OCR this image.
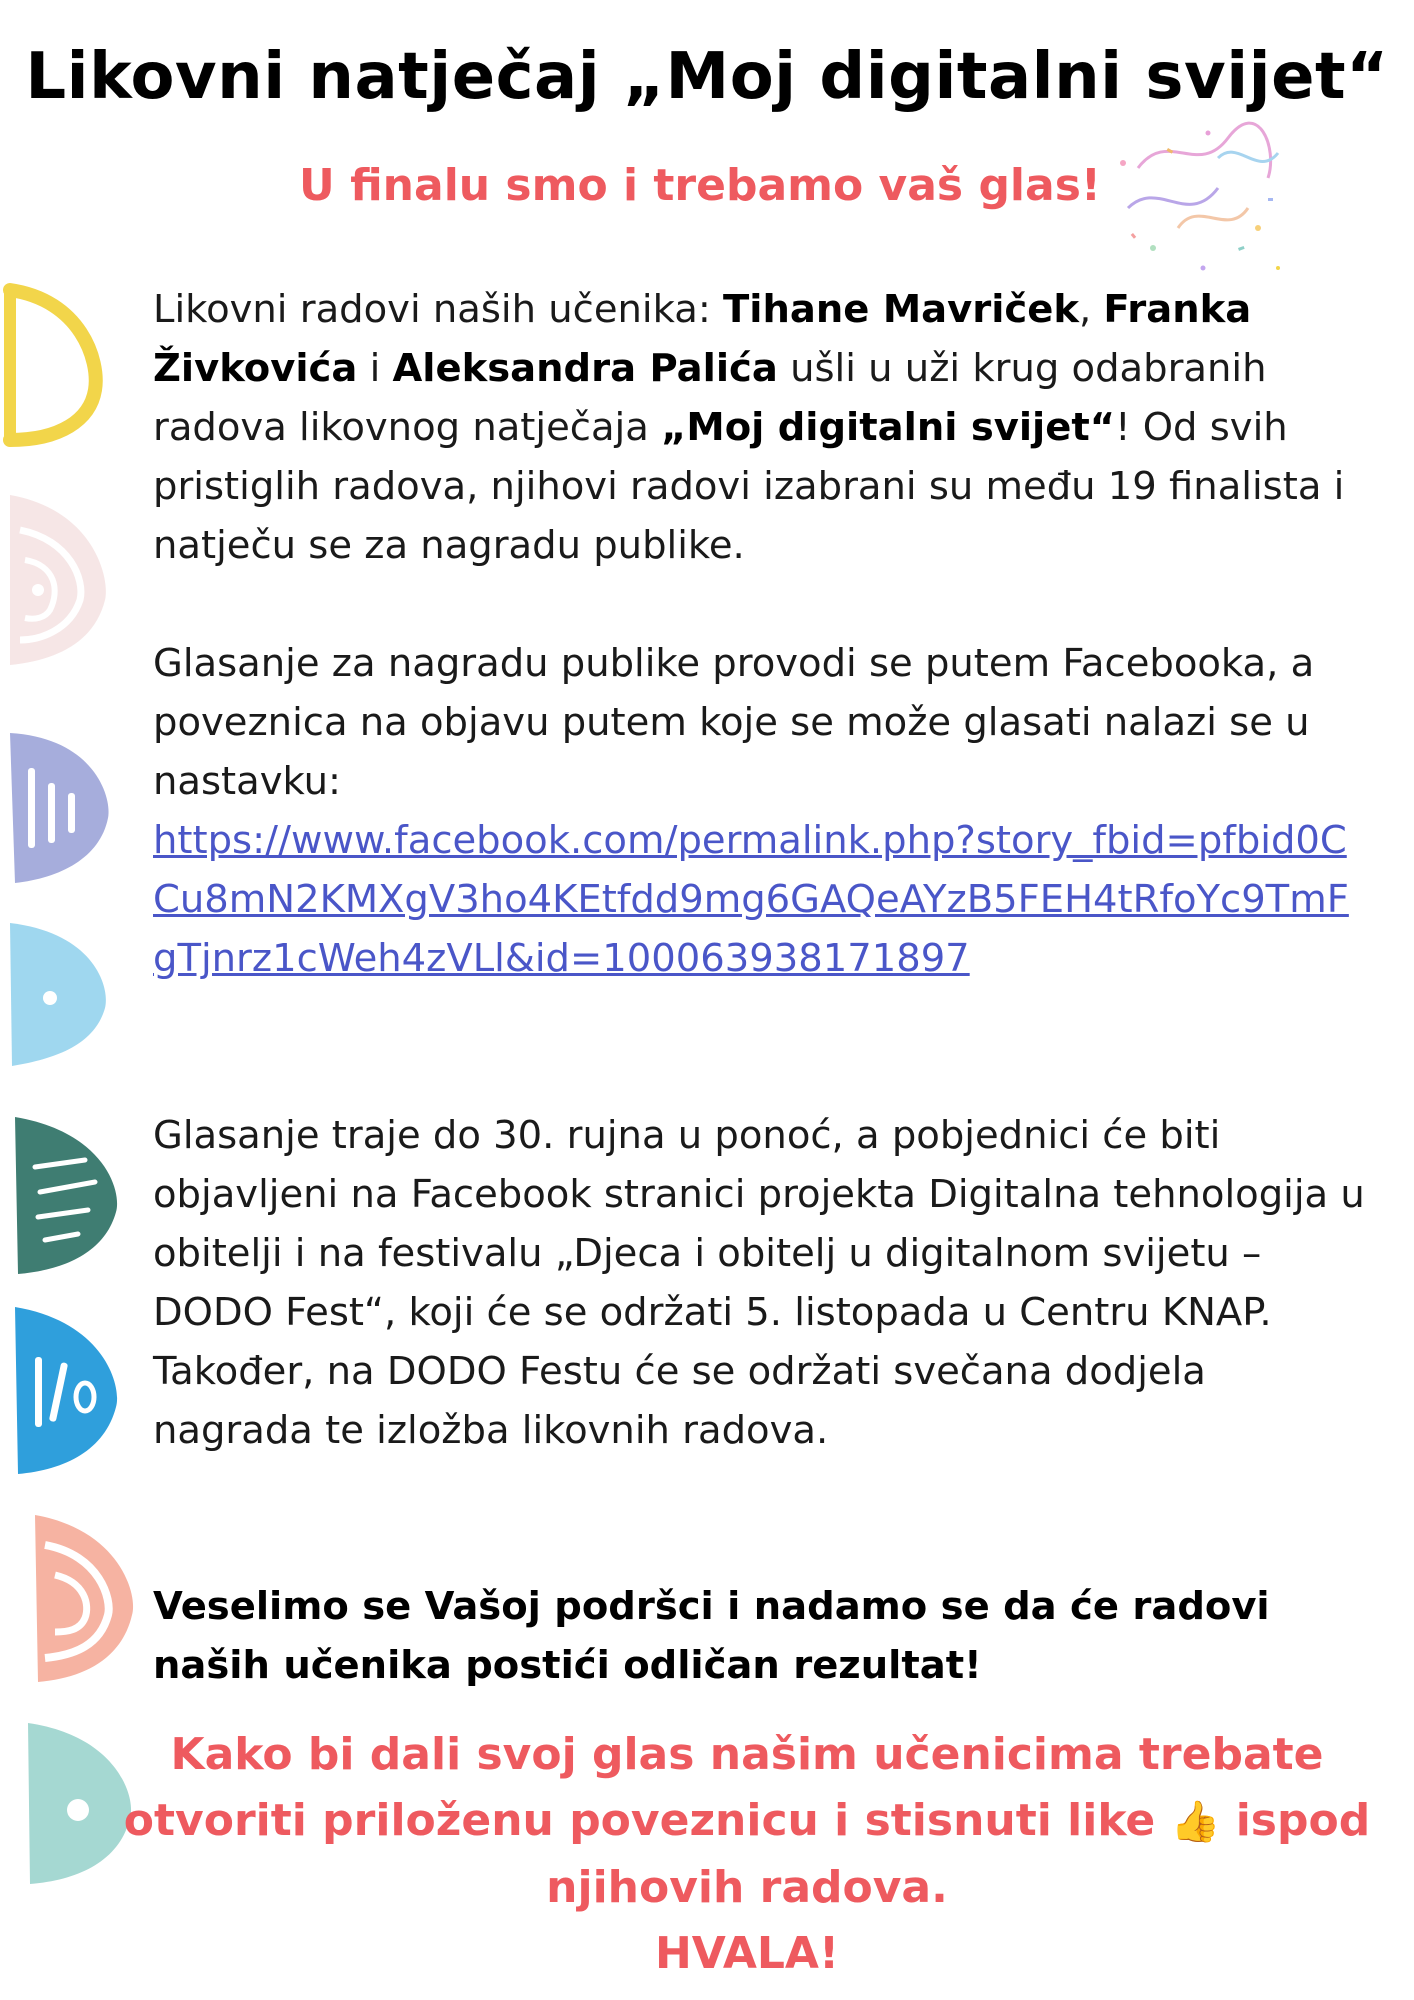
Likovni natječaj „Moj digitalni svijet“
U finalu smo i trebamo vaš glas!
Likovni radovi naših učenika: Tihane Mavriček, Franka Živkovića i Aleksandra Palića ušli u uži krug odabranih radova likovnog natječaja „Moj digitalni svijet“! Od svih pristiglih radova, njihovi radovi izabrani su među 19 finalista i natječu se za nagradu publike.
Glasanje za nagradu publike provodi se putem Facebooka, a poveznica na objavu putem koje se može glasati nalazi se u nastavku:
https://www.facebook.com/permalink.php?story_fbid=pfbid0CCu8mN2KMXgV3ho4KEtfdd9mg6GAQeAYzB5FEH4tRfoYc9TmFgTjnrz1cWeh4zVLl&id=100063938171897
Glasanje traje do 30. rujna u ponoć, a pobjednici će biti objavljeni na Facebook stranici projekta Digitalna tehnologija u obitelji i na festivalu „Djeca i obitelj u digitalnom svijetu – DODO Fest“, koji će se održati 5. listopada u Centru KNAP. Također, na DODO Festu će se održati svečana dodjela nagrada te izložba likovnih radova.
Veselimo se Vašoj podršci i nadamo se da će radovi naših učenika postići odličan rezultat!
Kako bi dali svoj glas našim učenicima trebate otvoriti priloženu poveznicu i stisnuti like 👍 ispod njihovih radova.
HVALA!
